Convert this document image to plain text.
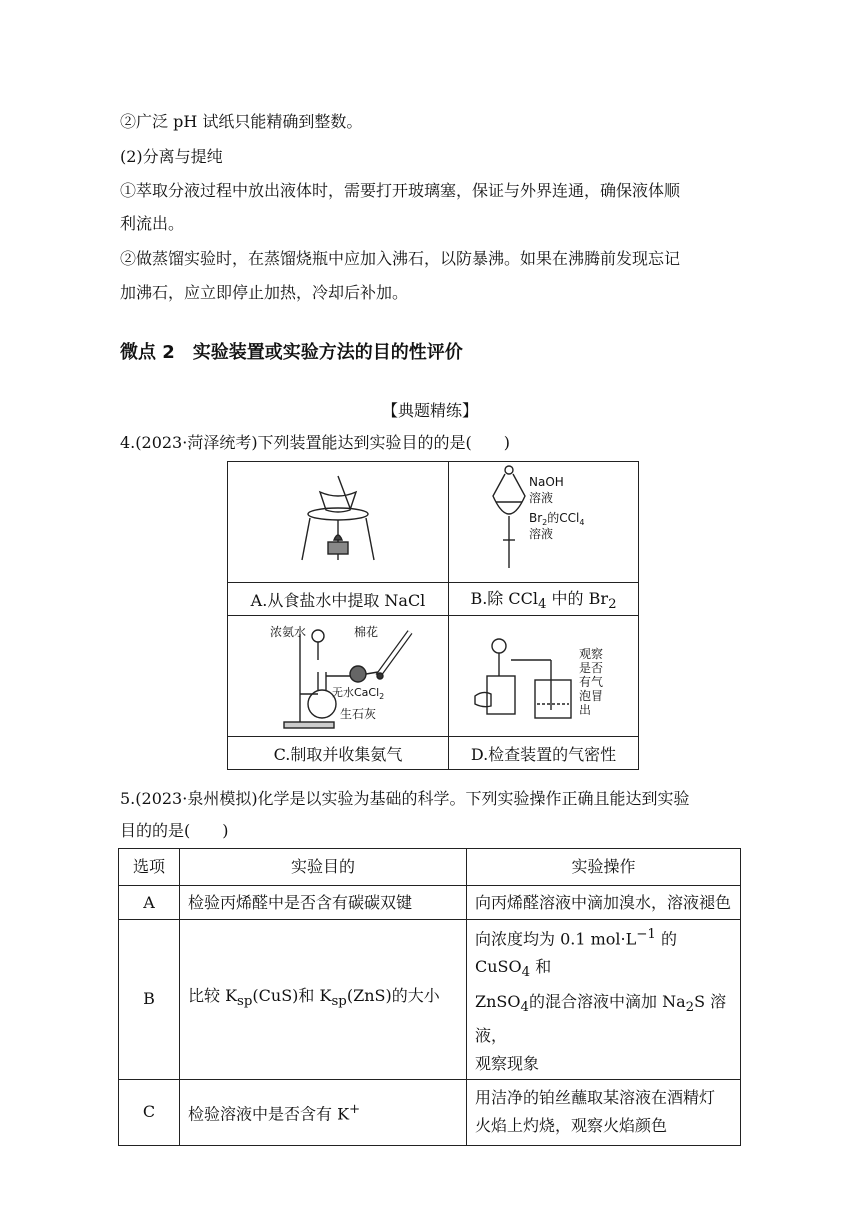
②广泛 pH 试纸只能精确到整数。
(2)分离与提纯
①萃取分液过程中放出液体时，需要打开玻璃塞，保证与外界连通，确保液体顺
利流出。
②做蒸馏实验时，在蒸馏烧瓶中应加入沸石，以防暴沸。如果在沸腾前发现忘记
加沸石，应立即停止加热，冷却后补加。
微点 2　实验装置或实验方法的目的性评价
【典题精练】
4.(2023·菏泽统考)下列装置能达到实验目的的是(　　)

NaOH
溶液
$Br_2$的CCl$_4$
溶液

A.从食盐水中提取 NaCl	B.除 CCl$_4$ 中的 $Br_2$

浓氨水 棉花
无水CaCl$_2$
生石灰	观察 是否 有气 泡冒 出

C.制取并收集氨气	D.检查装置的气密性
5.(2023·泉州模拟)化学是以实验为基础的科学。下列实验操作正确且能达到实验
目的的是(　　)
选项	实验目的	实验操作
A	检验丙烯醛中是否含有碳碳双键	向丙烯醛溶液中滴加溴水，溶液褪色
B	比较 $K_{sp}(CuS)$和 $K_{sp}(ZnS)$的大小	向浓度均为 0.1 $mol\cdot L^{-1}$ 的 CuSO$_4$ 和
ZnSO$_4$的混合溶液中滴加 $Na_2S$ 溶液，
观察现象
C	检验溶液中是否含有 K+	用洁净的铂丝蘸取某溶液在酒精灯
火焰上灼烧，观察火焰颜色
